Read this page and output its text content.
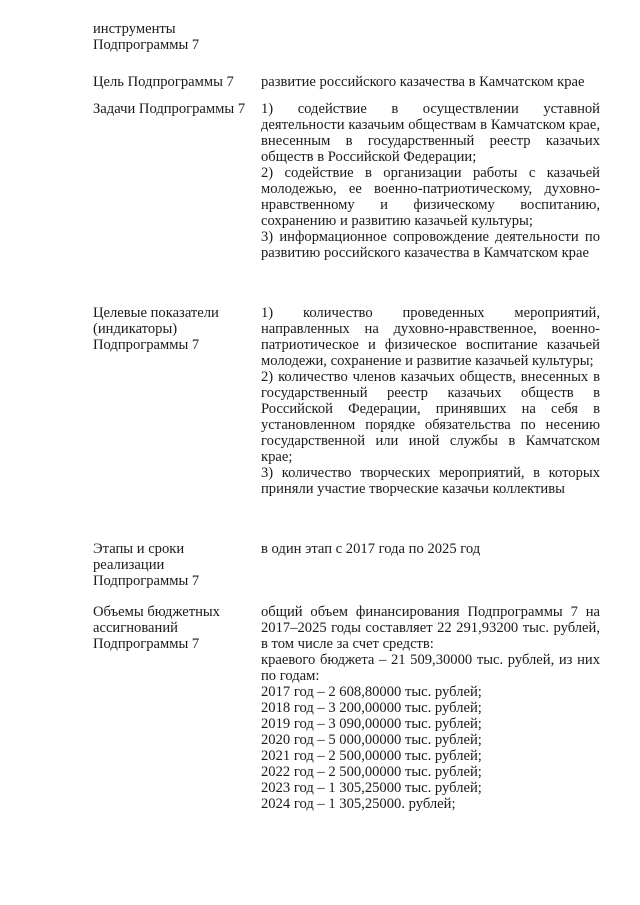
инструменты
Подпрограммы 7
Цель Подпрограммы 7	развитие российского казачества в Камчатском крае

Задачи Подпрограммы 7	1) содействие в осуществлении уставной деятельности казачьим обществам в Камчатском крае, внесенным в государственный реестр казачьих обществ в Российской Федерации;

2) содействие в организации работы с казачьей молодежью, ее военно-патриотическому, духовно-нравственному и физическому воспитанию, сохранению и развитию казачьей культуры;

3) информационное сопровождение деятельности по развитию российского казачества в Камчатском крае

Целевые показатели
(индикаторы)
Подпрограммы 7

1) количество проведенных мероприятий, направленных на духовно-нравственное, военно-патриотическое и физическое воспитание казачьей молодежи, сохранение и развитие казачьей культуры;

2) количество членов казачьих обществ, внесенных в государственный реестр казачьих обществ в Российской Федерации, принявших на себя в установленном порядке обязательства по несению государственной или иной службы в Камчатском крае;

3) количество творческих мероприятий, в которых приняли участие творческие казачьи коллективы

Этапы и сроки
реализации
Подпрограммы 7

в один этап с 2017 года по 2025 год

Объемы бюджетных
ассигнований
Подпрограммы 7

общий объем финансирования Подпрограммы 7 на 2017–2025 годы составляет 22 291,93200 тыс. рублей, в том числе за счет средств:

краевого бюджета – 21 509,30000 тыс. рублей, из них по годам:

2017 год – 2 608,80000 тыс. рублей;

2018 год – 3 200,00000 тыс. рублей;

2019 год – 3 090,00000 тыс. рублей;

2020 год – 5 000,00000 тыс. рублей;

2021 год – 2 500,00000 тыс. рублей;

2022 год – 2 500,00000 тыс. рублей;

2023 год – 1 305,25000 тыс. рублей;

2024 год – 1 305,25000. рублей;
